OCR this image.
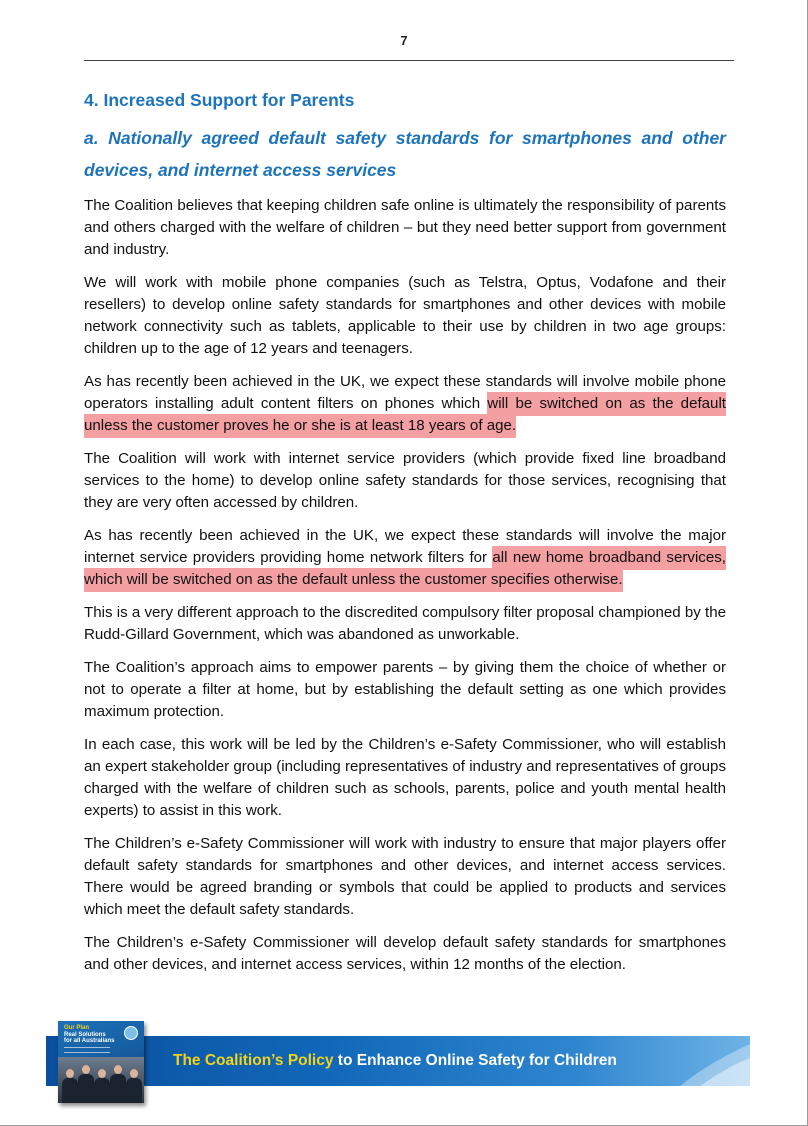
7
4. Increased Support for Parents
a. Nationally agreed default safety standards for smartphones and other devices, and internet access services

The Coalition believes that keeping children safe online is ultimately the responsibility of parents and others charged with the welfare of children – but they need better support from government and industry.

We will work with mobile phone companies (such as Telstra, Optus, Vodafone and their resellers) to develop online safety standards for smartphones and other devices with mobile network connectivity such as tablets, applicable to their use by children in two age groups: children up to the age of 12 years and teenagers.

As has recently been achieved in the UK, we expect these standards will involve mobile phone operators installing adult content filters on phones which will be switched on as the default unless the customer proves he or she is at least 18 years of age.

The Coalition will work with internet service providers (which provide fixed line broadband services to the home) to develop online safety standards for those services, recognising that they are very often accessed by children.

As has recently been achieved in the UK, we expect these standards will involve the major internet service providers providing home network filters for all new home broadband services, which will be switched on as the default unless the customer specifies otherwise.

This is a very different approach to the discredited compulsory filter proposal championed by the Rudd-Gillard Government, which was abandoned as unworkable.

The Coalition’s approach aims to empower parents – by giving them the choice of whether or not to operate a filter at home, but by establishing the default setting as one which provides maximum protection.

In each case, this work will be led by the Children’s e-Safety Commissioner, who will establish an expert stakeholder group (including representatives of industry and representatives of groups charged with the welfare of children such as schools, parents, police and youth mental health experts) to assist in this work.

The Children’s e-Safety Commissioner will work with industry to ensure that major players offer default safety standards for smartphones and other devices, and internet access services. There would be agreed branding or symbols that could be applied to products and services which meet the default safety standards.

The Children’s e-Safety Commissioner will develop default safety standards for smartphones and other devices, and internet access services, within 12 months of the election.

The Coalition’s Policy to Enhance Online Safety for Children
Our Plan
Real Solutions
for all Australians
